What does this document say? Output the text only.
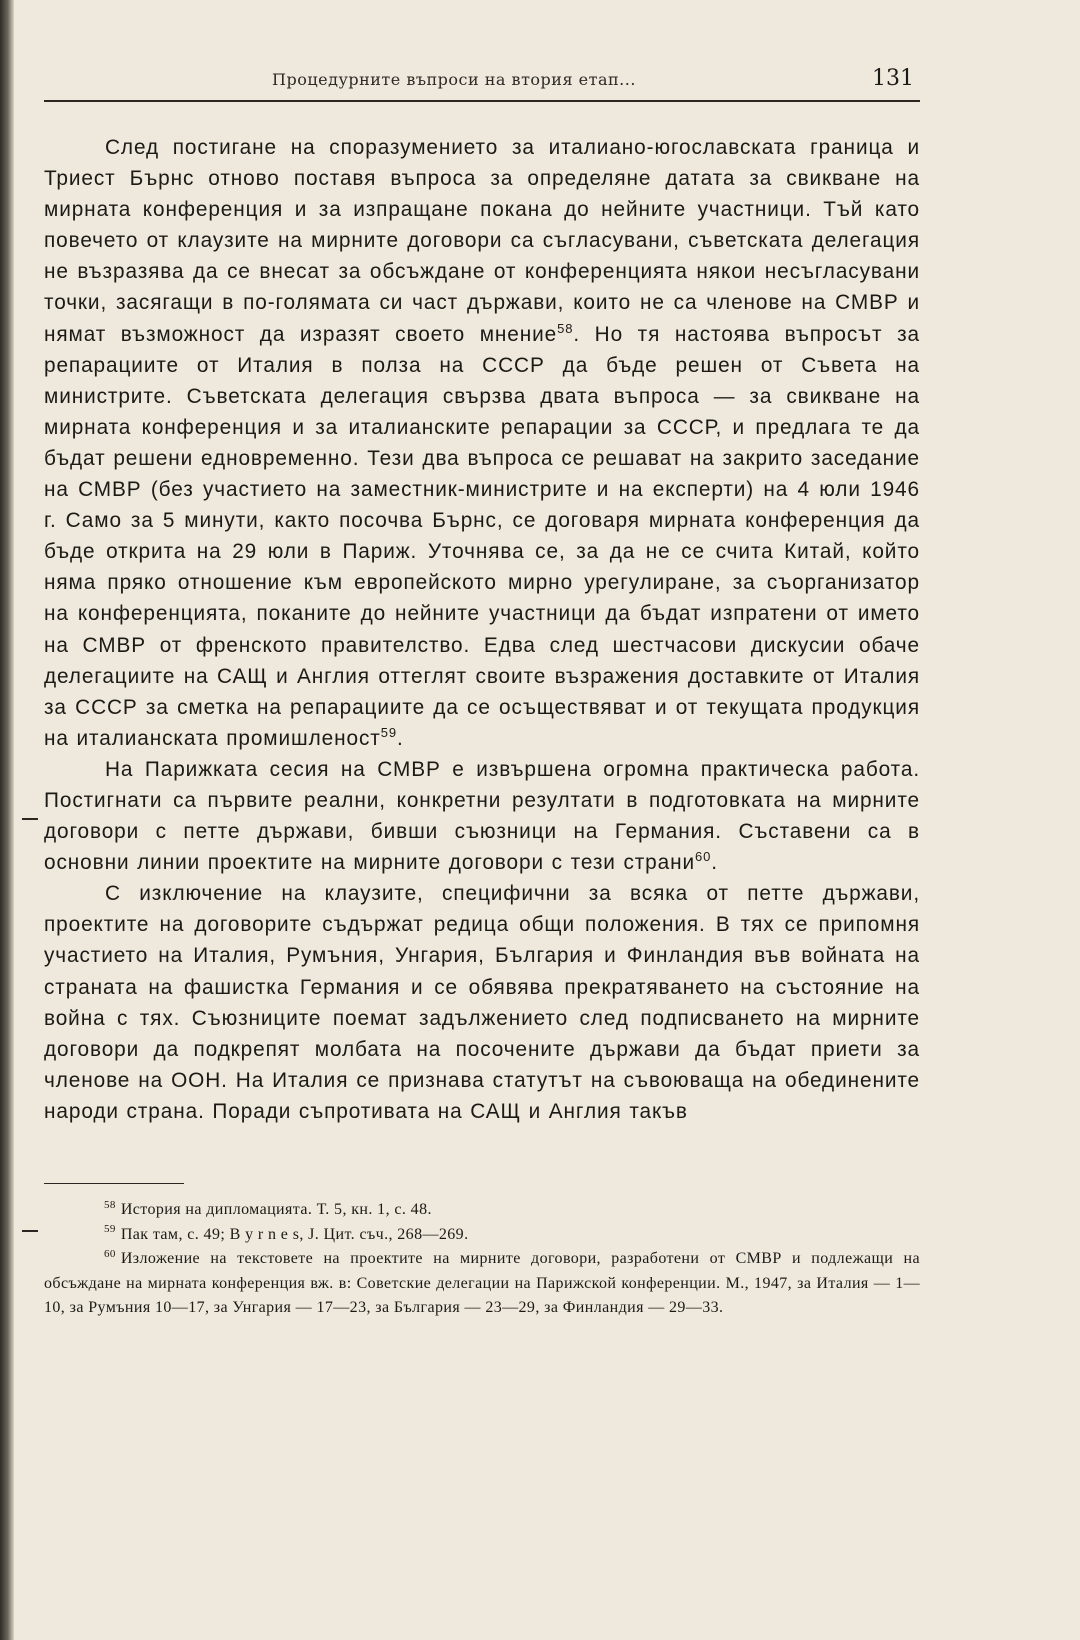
Процедурните въпроси на втория етап...	131

След постигане на споразумението за италиано-югославската граница и Триест Бърнс отново поставя въпроса за определяне датата за свикване на мирната конференция и за изпращане покана до нейните участници. Тъй като повечето от клаузите на мирните договори са съгласувани, съветската делегация не възразява да се внесат за обсъждане от конференцията някои несъгласувани точки, засягащи в по-голямата си част държави, които не са членове на СМВР и нямат възможност да изразят своето мнение$^{58}$. Но тя настоява въпросът за репарациите от Италия в полза на СССР да бъде решен от Съвета на министрите. Съветската делегация свързва двата въпроса — за свикване на мирната конференция и за италианските репарации за СССР, и предлага те да бъдат решени едновременно. Тези два въпроса се решават на закрито заседание на СМВР (без участието на заместник-министрите и на експерти) на 4 юли 1946 г. Само за 5 минути, както посочва Бърнс, се договаря мирната конференция да бъде открита на 29 юли в Париж. Уточнява се, за да не се счита Китай, който няма пряко отношение към европейското мирно урегулиране, за съорганизатор на конференцията, поканите до нейните участници да бъдат изпратени от името на СМВР от френското правителство. Едва след шестчасови дискусии обаче делегациите на САЩ и Англия оттеглят своите възражения доставките от Италия за СССР за сметка на репарациите да се осъществяват и от текущата продукция на италианската промишленост$^{59}$.

На Парижката сесия на СМВР е извършена огромна практическа работа. Постигнати са първите реални, конкретни резултати в подготовката на мирните договори с петте държави, бивши съюзници на Германия. Съставени са в основни линии проектите на мирните договори с тези страни$^{60}$.

С изключение на клаузите, специфични за всяка от петте държави, проектите на договорите съдържат редица общи положения. В тях се припомня участието на Италия, Румъния, Унгария, България и Финландия във войната на страната на фашистка Германия и се обявява прекратяването на състояние на война с тях. Съюзниците поемат задължението след подписването на мирните договори да подкрепят молбата на посочените държави да бъдат приети за членове на ООН. На Италия се признава статутът на съвоюваща на обединените народи страна. Поради съпротивата на САЩ и Англия такъв

$^{58}$ История на дипломацията. Т. 5, кн. 1, с. 48.

$^{59}$ Пак там, с. 49; B y r n e s, J. Цит. съч., 268—269.

$^{60}$ Изложение на текстовете на проектите на мирните договори, разработени от СМВР и подлежащи на обсъждане на мирната конференция вж. в: Советские делегации на Парижской конференции. М., 1947, за Италия — 1—10, за Румъния 10—17, за Унгария — 17—23, за България — 23—29, за Финландия — 29—33.
